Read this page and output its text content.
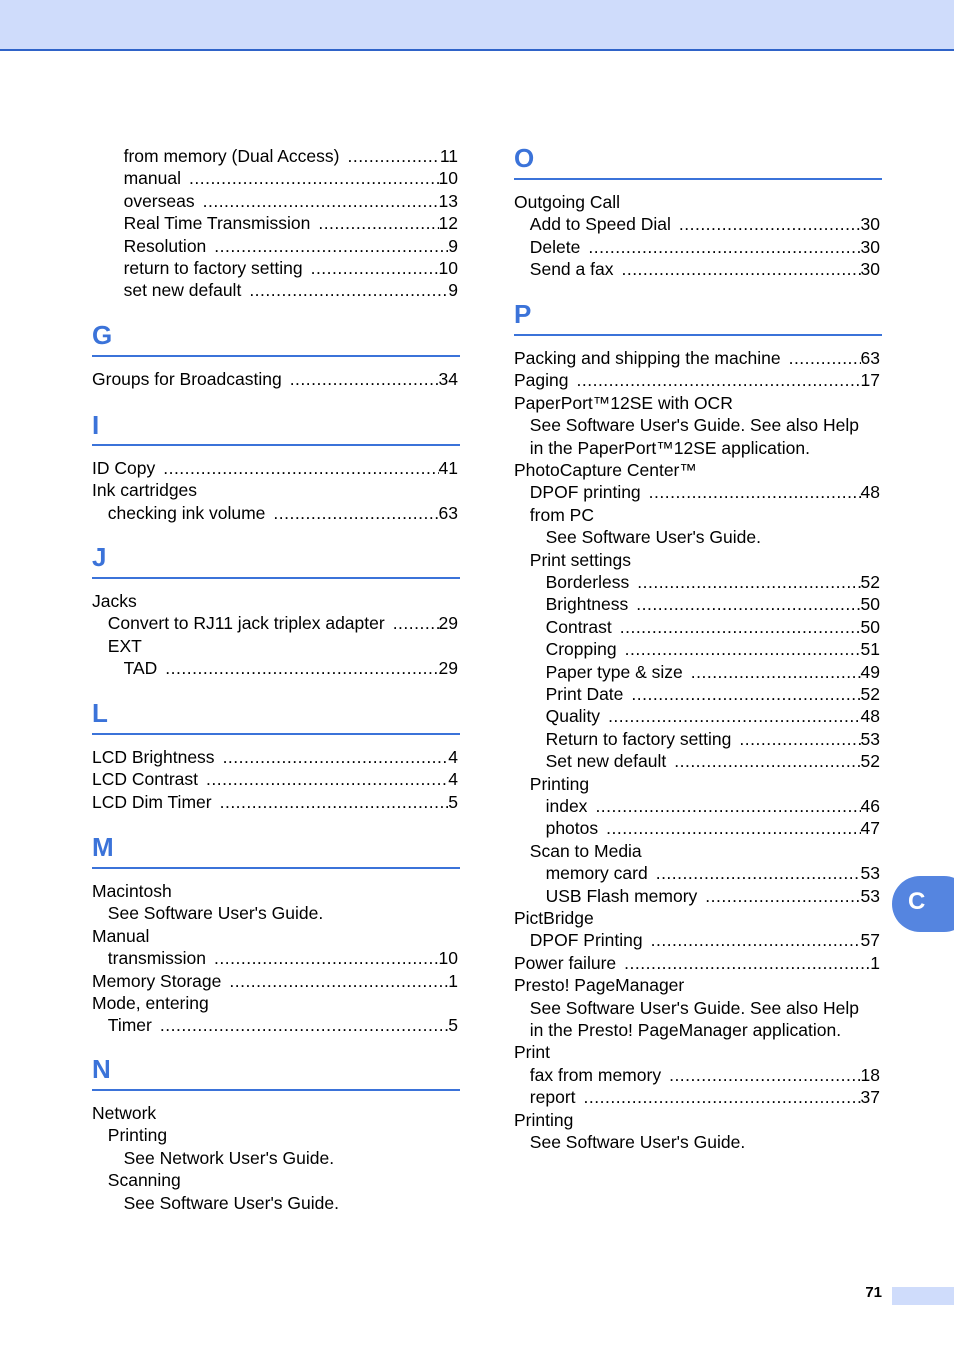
from memory (Dual Access) .....	11
manual .....	10
overseas .....	13
Real Time Transmission .....	12
Resolution .....	9
return to factory setting .....	10
set new default .....	9
G
Groups for Broadcasting .....	34
I
ID Copy .....	41
Ink cartridges
checking ink volume .....	63
J
Jacks
Convert to RJ11 jack triplex adapter .....	29
EXT
TAD .....	29
L
LCD Brightness .....	4
LCD Contrast .....	4
LCD Dim Timer .....	5
M
Macintosh
See Software User's Guide.
Manual
transmission .....	10
Memory Storage .....	1
Mode, entering
Timer .....	5
N
Network
Printing
See Network User's Guide.
Scanning
See Software User's Guide.
O
Outgoing Call
Add to Speed Dial .....	30
Delete .....	30
Send a fax .....	30
P
Packing and shipping the machine .....	63
Paging .....	17
PaperPort™12SE with OCR
See Software User's Guide. See also Help
in the PaperPort™12SE application.
PhotoCapture Center™
DPOF printing .....	48
from PC
See Software User's Guide.
Print settings
Borderless .....	52
Brightness .....	50
Contrast .....	50
Cropping .....	51
Paper type & size .....	49
Print Date .....	52
Quality .....	48
Return to factory setting .....	53
Set new default .....	52
Printing
index .....	46
photos .....	47
Scan to Media
memory card .....	53
USB Flash memory .....	53
PictBridge
DPOF Printing .....	57
Power failure .....	1
Presto! PageManager
See Software User's Guide. See also Help
in the Presto! PageManager application.
Print
fax from memory .....	18
report .....	37
Printing
See Software User's Guide.
C
71
